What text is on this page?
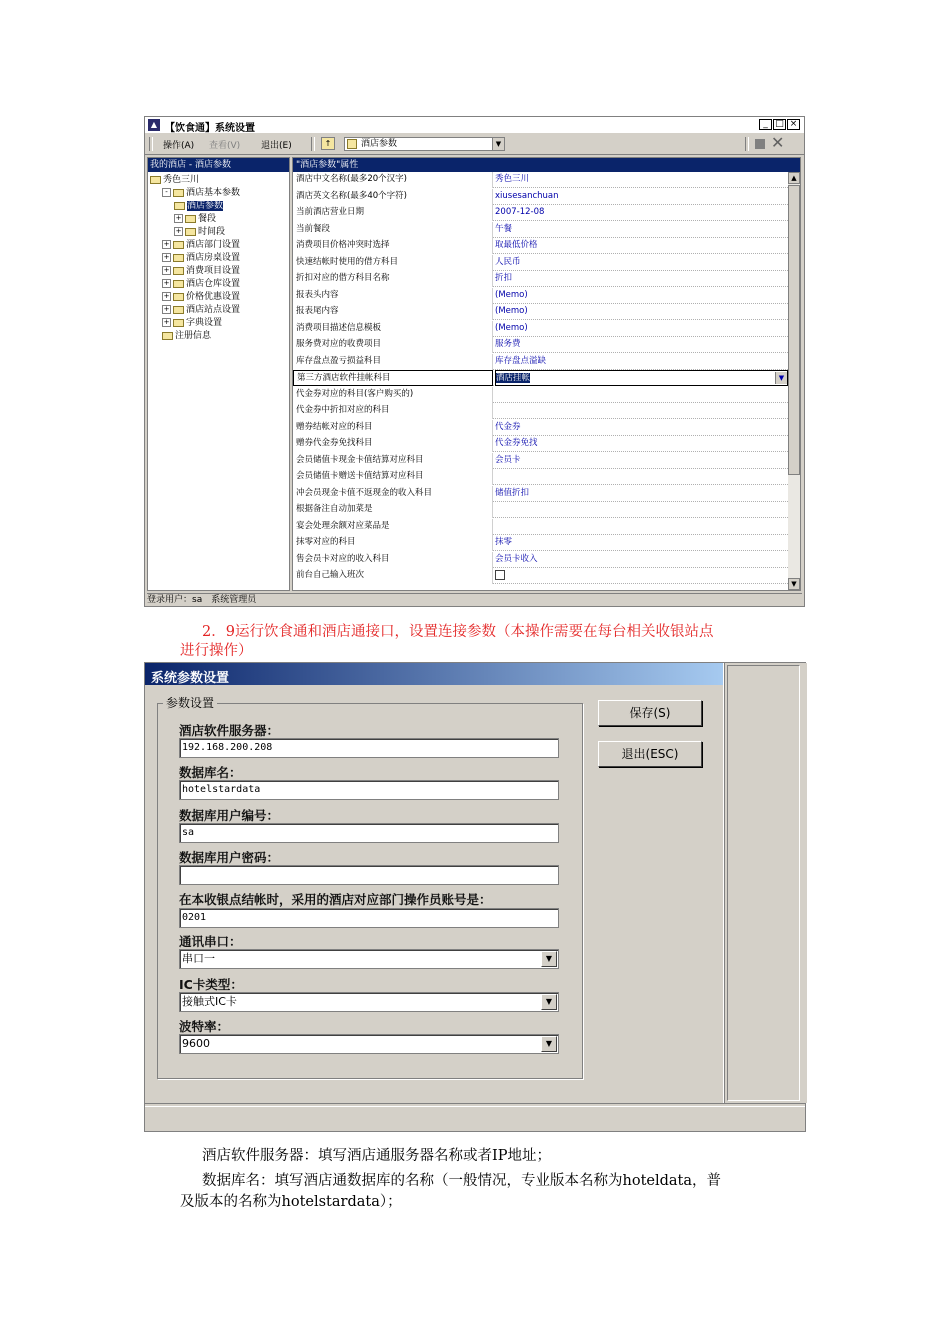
▲ 【饮食通】系统设置	_ □ ×
操作(A) 查看(V) 退出(E)	↑	酒店参数	▼	✕
我的酒店 - 酒店参数
秀色三川
- 酒店基本参数
酒店参数
+ 餐段
+ 时间段
+ 酒店部门设置
+ 酒店房桌设置
+ 消费项目设置
+ 酒店仓库设置
+ 价格优惠设置
+ 酒店站点设置
+ 字典设置
注册信息
"酒店参数"属性
酒店中文名称(最多20个汉字)	秀色三川
酒店英文名称(最多40个字符)	xiusesanchuan
当前酒店营业日期	2007-12-08
当前餐段	午餐
消费项目价格冲突时选择	取最低价格
快速结帐时使用的借方科目	人民币
折扣对应的借方科目名称	折扣
报表头内容	(Memo)
报表尾内容	(Memo)
消费项目描述信息模板	(Memo)
服务费对应的收费项目	服务费
库存盘点盈亏损益科目	库存盘点溢缺
第三方酒店软件挂帐科目	酒店挂帐	▼
代金券对应的科目(客户购买的)
代金券中折扣对应的科目
赠券结帐对应的科目	代金券
赠券代金券免找科目	代金券免找
会员储值卡现金卡值结算对应科目	会员卡
会员储值卡赠送卡值结算对应科目
冲会员现金卡值不返现金的收入科目	储值折扣
根据备注自动加菜是
宴会处理余额对应菜品是
抹零对应的科目	抹零
售会员卡对应的收入科目	会员卡收入
前台自己输入班次
▲
▼
登录用户：sa　系统管理员
2．9运行饮食通和酒店通接口，设置连接参数（本操作需要在每台相关收银站点
进行操作）
系统参数设置
参数设置
酒店软件服务器：
192.168.200.208
数据库名：
hotelstardata
数据库用户编号：
sa
数据库用户密码：
在本收银点结帐时，采用的酒店对应部门操作员账号是：
0201
通讯串口：
串口一	▼
IC卡类型：
接触式IC卡	▼
波特率：
9600	▼
保存(S)
退出(ESC)
酒店软件服务器：填写酒店通服务器名称或者IP地址；
数据库名：填写酒店通数据库的名称（一般情况，专业版本名称为hoteldata，普
及版本的名称为hotelstardata）；
